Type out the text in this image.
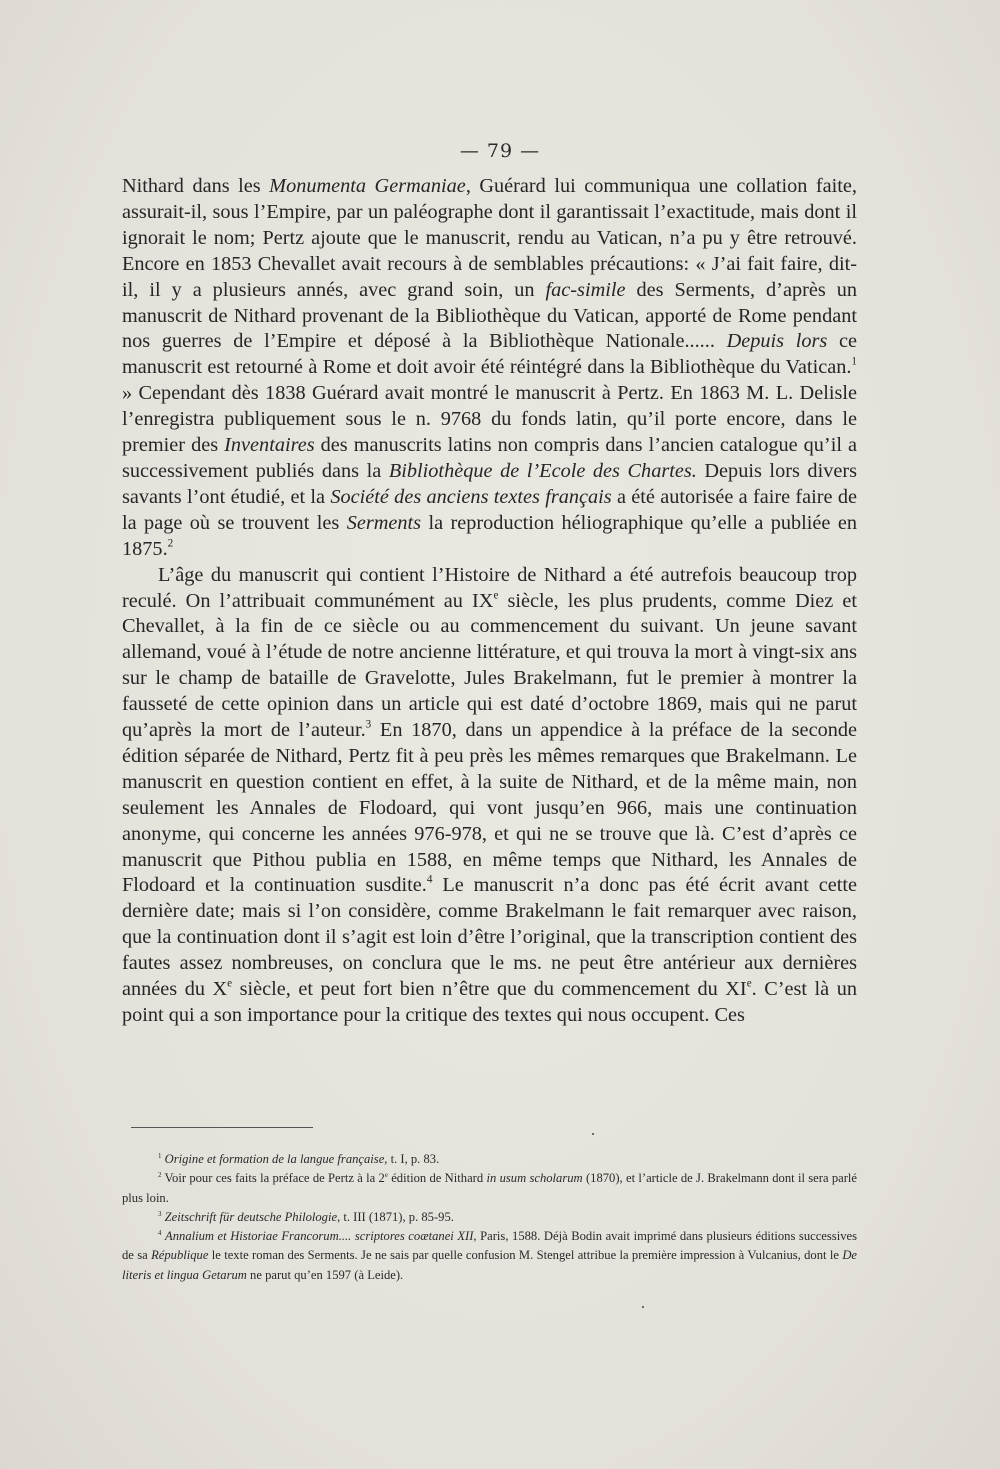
— 79 —

Nithard dans les Monumenta Germaniae, Guérard lui communiqua une collation faite, assurait-il, sous l’Empire, par un paléographe dont il garantissait l’exactitude, mais dont il ignorait le nom; Pertz ajoute que le manuscrit, rendu au Vatican, n’a pu y être retrouvé. Encore en 1853 Chevallet avait recours à de semblables précautions: « J’ai fait faire, dit-il, il y a plusieurs annés, avec grand soin, un fac-simile des Serments, d’après un manuscrit de Nithard provenant de la Bibliothèque du Vatican, apporté de Rome pendant nos guerres de l’Empire et déposé à la Bibliothèque Nationale...... Depuis lors ce manuscrit est retourné à Rome et doit avoir été réintégré dans la Bibliothèque du Vatican.$^1$ » Cependant dès 1838 Guérard avait montré le manuscrit à Pertz. En 1863 M. L. Delisle l’enregistra publiquement sous le n. 9768 du fonds latin, qu’il porte encore, dans le premier des Inventaires des manuscrits latins non compris dans l’ancien catalogue qu’il a successivement publiés dans la Bibliothèque de l’Ecole des Chartes. Depuis lors divers savants l’ont étudié, et la Société des anciens textes français a été autorisée a faire faire de la page où se trouvent les Serments la reproduction héliographique qu’elle a publiée en 1875.$^2$

L’âge du manuscrit qui contient l’Histoire de Nithard a été autrefois beaucoup trop reculé. On l’attribuait communément au IXe siècle, les plus prudents, comme Diez et Chevallet, à la fin de ce siècle ou au commencement du suivant. Un jeune savant allemand, voué à l’étude de notre ancienne littérature, et qui trouva la mort à vingt-six ans sur le champ de bataille de Gravelotte, Jules Brakelmann, fut le premier à montrer la fausseté de cette opinion dans un article qui est daté d’octobre 1869, mais qui ne parut qu’après la mort de l’auteur.$^3$ En 1870, dans un appendice à la préface de la seconde édition séparée de Nithard, Pertz fit à peu près les mêmes remarques que Brakelmann. Le manuscrit en question contient en effet, à la suite de Nithard, et de la même main, non seulement les Annales de Flodoard, qui vont jusqu’en 966, mais une continuation anonyme, qui concerne les années 976-978, et qui ne se trouve que là. C’est d’après ce manuscrit que Pithou publia en 1588, en même temps que Nithard, les Annales de Flodoard et la continuation susdite.$^4$ Le manuscrit n’a donc pas été écrit avant cette dernière date; mais si l’on considère, comme Brakelmann le fait remarquer avec raison, que la continuation dont il s’agit est loin d’être l’original, que la transcription contient des fautes assez nombreuses, on conclura que le ms. ne peut être antérieur aux dernières années du Xe siècle, et peut fort bien n’être que du commencement du XIe. C’est là un point qui a son importance pour la critique des textes qui nous occupent. Ces

$^1$ Origine et formation de la langue française, t. I, p. 83.

$^2$ Voir pour ces faits la préface de Pertz à la 2e édition de Nithard in usum scholarum (1870), et l’article de J. Brakelmann dont il sera parlé plus loin.

$^3$ Zeitschrift für deutsche Philologie, t. III (1871), p. 85-95.

$^4$ Annalium et Historiae Francorum.... scriptores coætanei XII, Paris, 1588. Déjà Bodin avait imprimé dans plusieurs éditions successives de sa République le texte roman des Serments. Je ne sais par quelle confusion M. Stengel attribue la première impression à Vulcanius, dont le De literis et lingua Getarum ne parut qu’en 1597 (à Leide).
